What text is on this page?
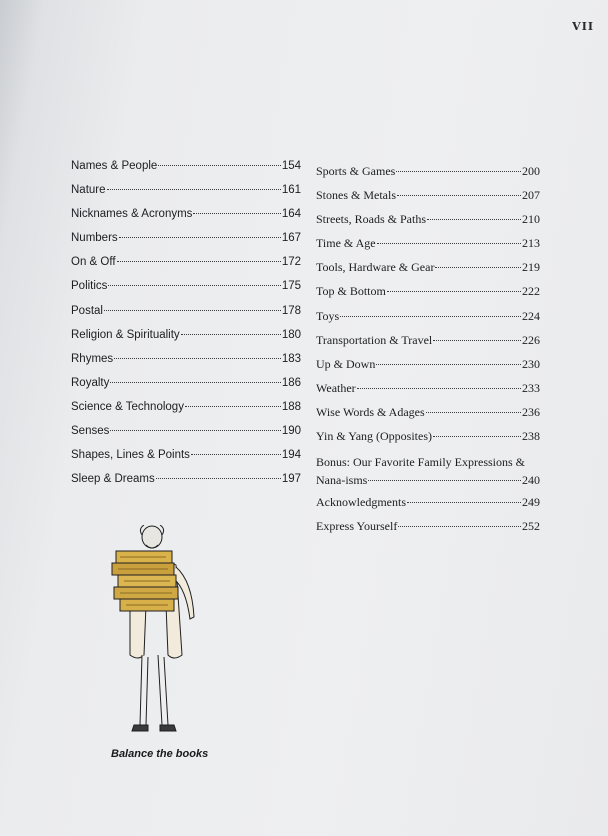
VII
Names & People	154
Nature	161
Nicknames & Acronyms	164
Numbers	167
On & Off	172
Politics	175
Postal	178
Religion & Spirituality	180
Rhymes	183
Royalty	186
Science & Technology	188
Senses	190
Shapes, Lines & Points	194
Sleep & Dreams	197
Sports & Games	200
Stones & Metals	207
Streets, Roads & Paths	210
Time & Age	213
Tools, Hardware & Gear	219
Top & Bottom	222
Toys	224
Transportation & Travel	226
Up & Down	230
Weather	233
Wise Words & Adages	236
Yin & Yang (Opposites)	238
Bonus: Our Favorite Family Expressions &
Nana-isms	240
Acknowledgments	249
Express Yourself	252
Balance the books
